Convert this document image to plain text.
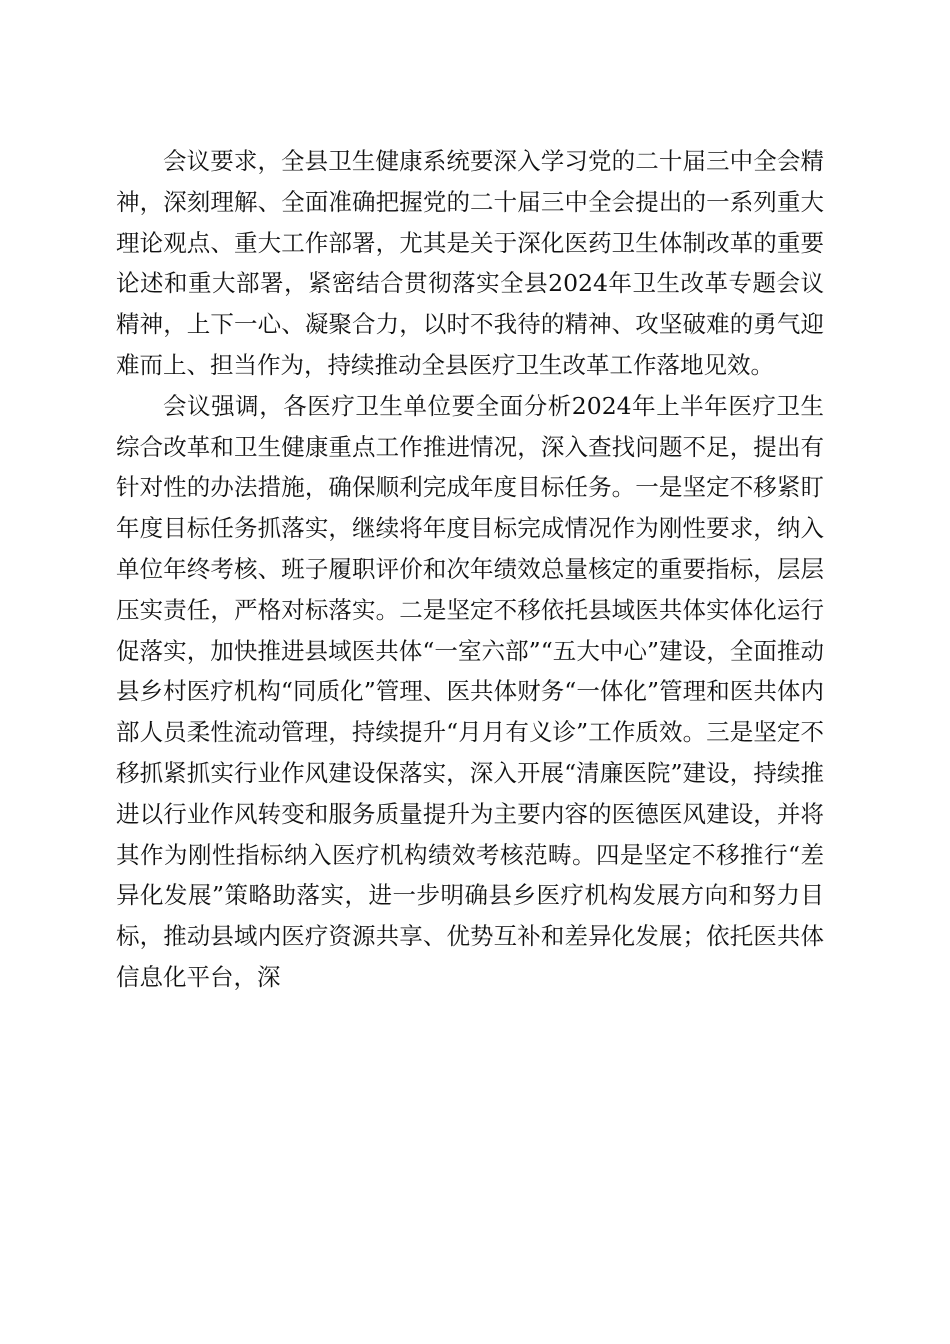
会议要求，全县卫生健康系统要深入学习党的二十届三中全会精神，深刻理解、全面准确把握党的二十届三中全会提出的一系列重大理论观点、重大工作部署，尤其是关于深化医药卫生体制改革的重要论述和重大部署，紧密结合贯彻落实全县2024年卫生改革专题会议精神，上下一心、凝聚合力，以时不我待的精神、攻坚破难的勇气迎难而上、担当作为，持续推动全县医疗卫生改革工作落地见效。

会议强调，各医疗卫生单位要全面分析2024年上半年医疗卫生综合改革和卫生健康重点工作推进情况，深入查找问题不足，提出有针对性的办法措施，确保顺利完成年度目标任务。一是坚定不移紧盯年度目标任务抓落实，继续将年度目标完成情况作为刚性要求，纳入单位年终考核、班子履职评价和次年绩效总量核定的重要指标，层层压实责任，严格对标落实。二是坚定不移依托县域医共体实体化运行促落实，加快推进县域医共体“一室六部”“五大中心”建设，全面推动县乡村医疗机构“同质化”管理、医共体财务“一体化”管理和医共体内部人员柔性流动管理，持续提升“月月有义诊”工作质效。三是坚定不移抓紧抓实行业作风建设保落实，深入开展“清廉医院”建设，持续推进以行业作风转变和服务质量提升为主要内容的医德医风建设，并将其作为刚性指标纳入医疗机构绩效考核范畴。四是坚定不移推行“差异化发展”策略助落实，进一步明确县乡医疗机构发展方向和努力目标，推动县域内医疗资源共享、优势互补和差异化发展；依托医共体信息化平台，深
